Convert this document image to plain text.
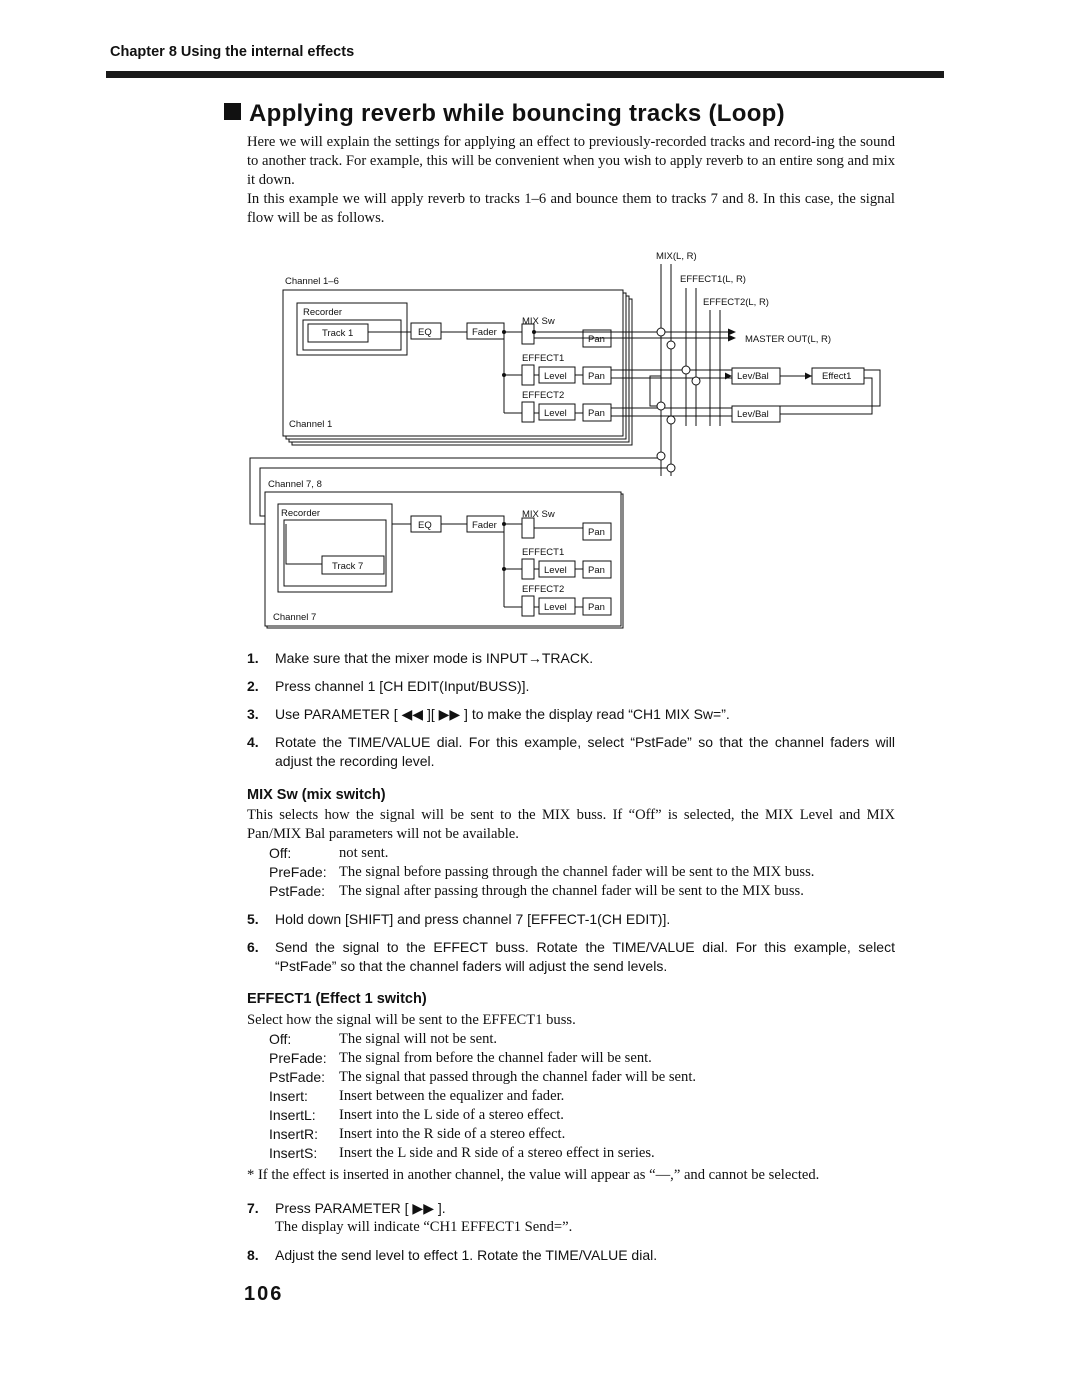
Chapter 8 Using the internal effects
Applying reverb while bouncing tracks (Loop)
Here we will explain the settings for applying an effect to previously-recorded tracks and record-ing the sound to another track. For example, this will be convenient when you wish to apply reverb to an entire song and mix it down.
In this example we will apply reverb to tracks 1–6 and bounce them to tracks 7 and 8. In this case, the signal flow will be as follows.
MIX(L, R)
EFFECT1(L, R)
EFFECT2(L, R)
MASTER OUT(L, R)
Channel 1–6
Channel 1
Recorder
Track 1	EQ	Fader
MIX Sw
Pan
EFFECT1
Level Pan
EFFECT2
Level Pan
Lev/Bal
Lev/Bal
Effect1
Channel 7, 8
Channel 7
Recorder
Track 7
EQ	Fader
MIX Sw
Pan
EFFECT1
Level Pan
EFFECT2
Level Pan
1. Make sure that the mixer mode is INPUT→TRACK.
2. Press channel 1 [CH EDIT(Input/BUSS)].
3. Use PARAMETER [ ◀◀ ][ ▶▶ ] to make the display read “CH1 MIX Sw=”.
4. Rotate the TIME/VALUE dial. For this example, select “PstFade” so that the channel faders will adjust the recording level.
MIX Sw (mix switch)
This selects how the signal will be sent to the MIX buss. If “Off” is selected, the MIX Level and MIX Pan/MIX Bal parameters will not be available.
Off:	not sent.
PreFade: The signal before passing through the channel fader will be sent to the MIX buss.
PstFade: The signal after passing through the channel fader will be sent to the MIX buss.
5. Hold down [SHIFT] and press channel 7 [EFFECT-1(CH EDIT)].
6. Send the signal to the EFFECT buss. Rotate the TIME/VALUE dial. For this example, select “PstFade” so that the channel faders will adjust the send levels.
EFFECT1 (Effect 1 switch)
Select how the signal will be sent to the EFFECT1 buss.
Off:	The signal will not be sent.
PreFade: The signal from before the channel fader will be sent.
PstFade: The signal that passed through the channel fader will be sent.
Insert: Insert between the equalizer and fader.
InsertL: Insert into the L side of a stereo effect.
InsertR: Insert into the R side of a stereo effect.
InsertS: Insert the L side and R side of a stereo effect in series.
* If the effect is inserted in another channel, the value will appear as “—,” and cannot be selected.
7. Press PARAMETER [ ▶▶ ].
The display will indicate “CH1 EFFECT1 Send=”.
8. Adjust the send level to effect 1. Rotate the TIME/VALUE dial.
106
